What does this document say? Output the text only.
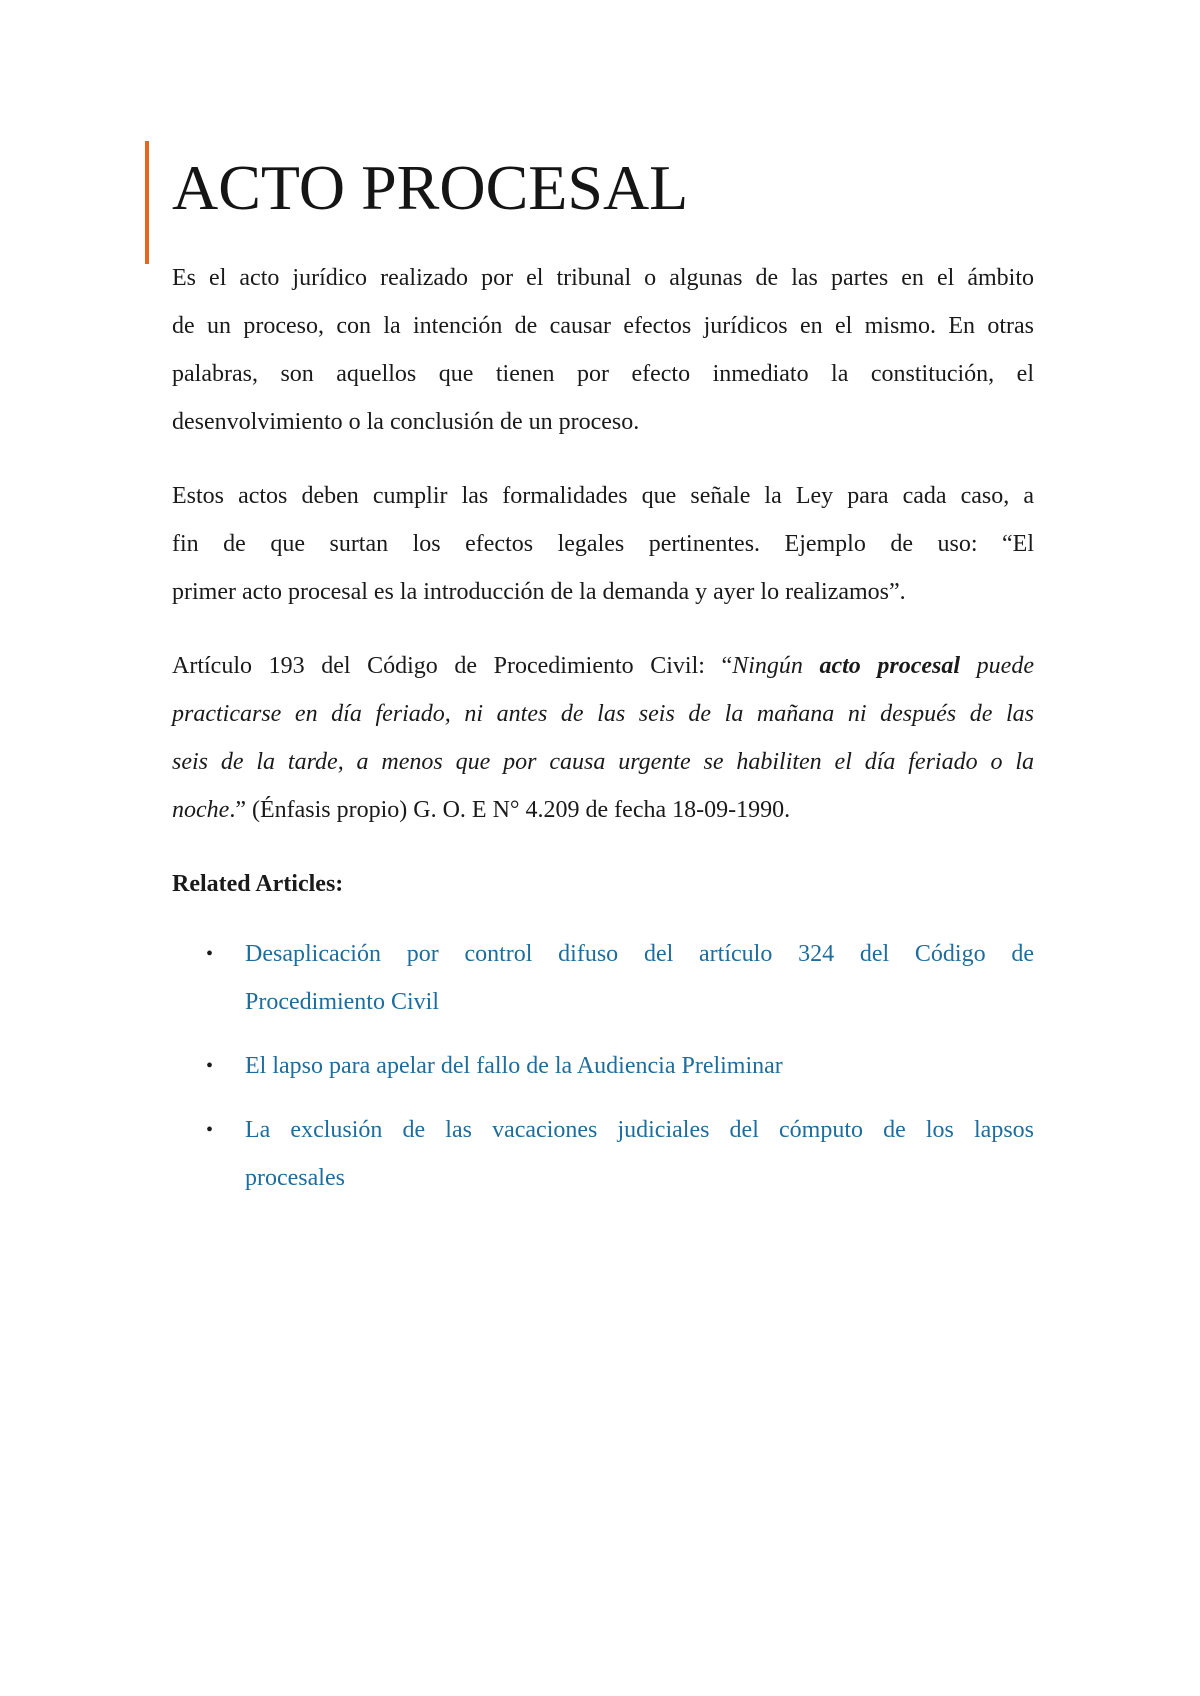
ACTO PROCESAL

Es el acto jurídico realizado por el tribunal o algunas de las partes en el ámbito
de un proceso, con la intención de causar efectos jurídicos en el mismo. En otras
palabras, son aquellos que tienen por efecto inmediato la constitución, el
desenvolvimiento o la conclusión de un proceso.

Estos actos deben cumplir las formalidades que señale la Ley para cada caso, a
fin de que surtan los efectos legales pertinentes. Ejemplo de uso: “El
primer acto procesal es la introducción de la demanda y ayer lo realizamos”.

Artículo 193 del Código de Procedimiento Civil: “Ningún acto procesal puede
practicarse en día feriado, ni antes de las seis de la mañana ni después de las
seis de la tarde, a menos que por causa urgente se habiliten el día feriado o la
noche.” (Énfasis propio) G. O. E N° 4.209 de fecha 18-09-1990.

Related Articles:
• Desaplicación por control difuso del artículo 324 del Código de
Procedimiento Civil
• El lapso para apelar del fallo de la Audiencia Preliminar
• La exclusión de las vacaciones judiciales del cómputo de los lapsos
procesales
